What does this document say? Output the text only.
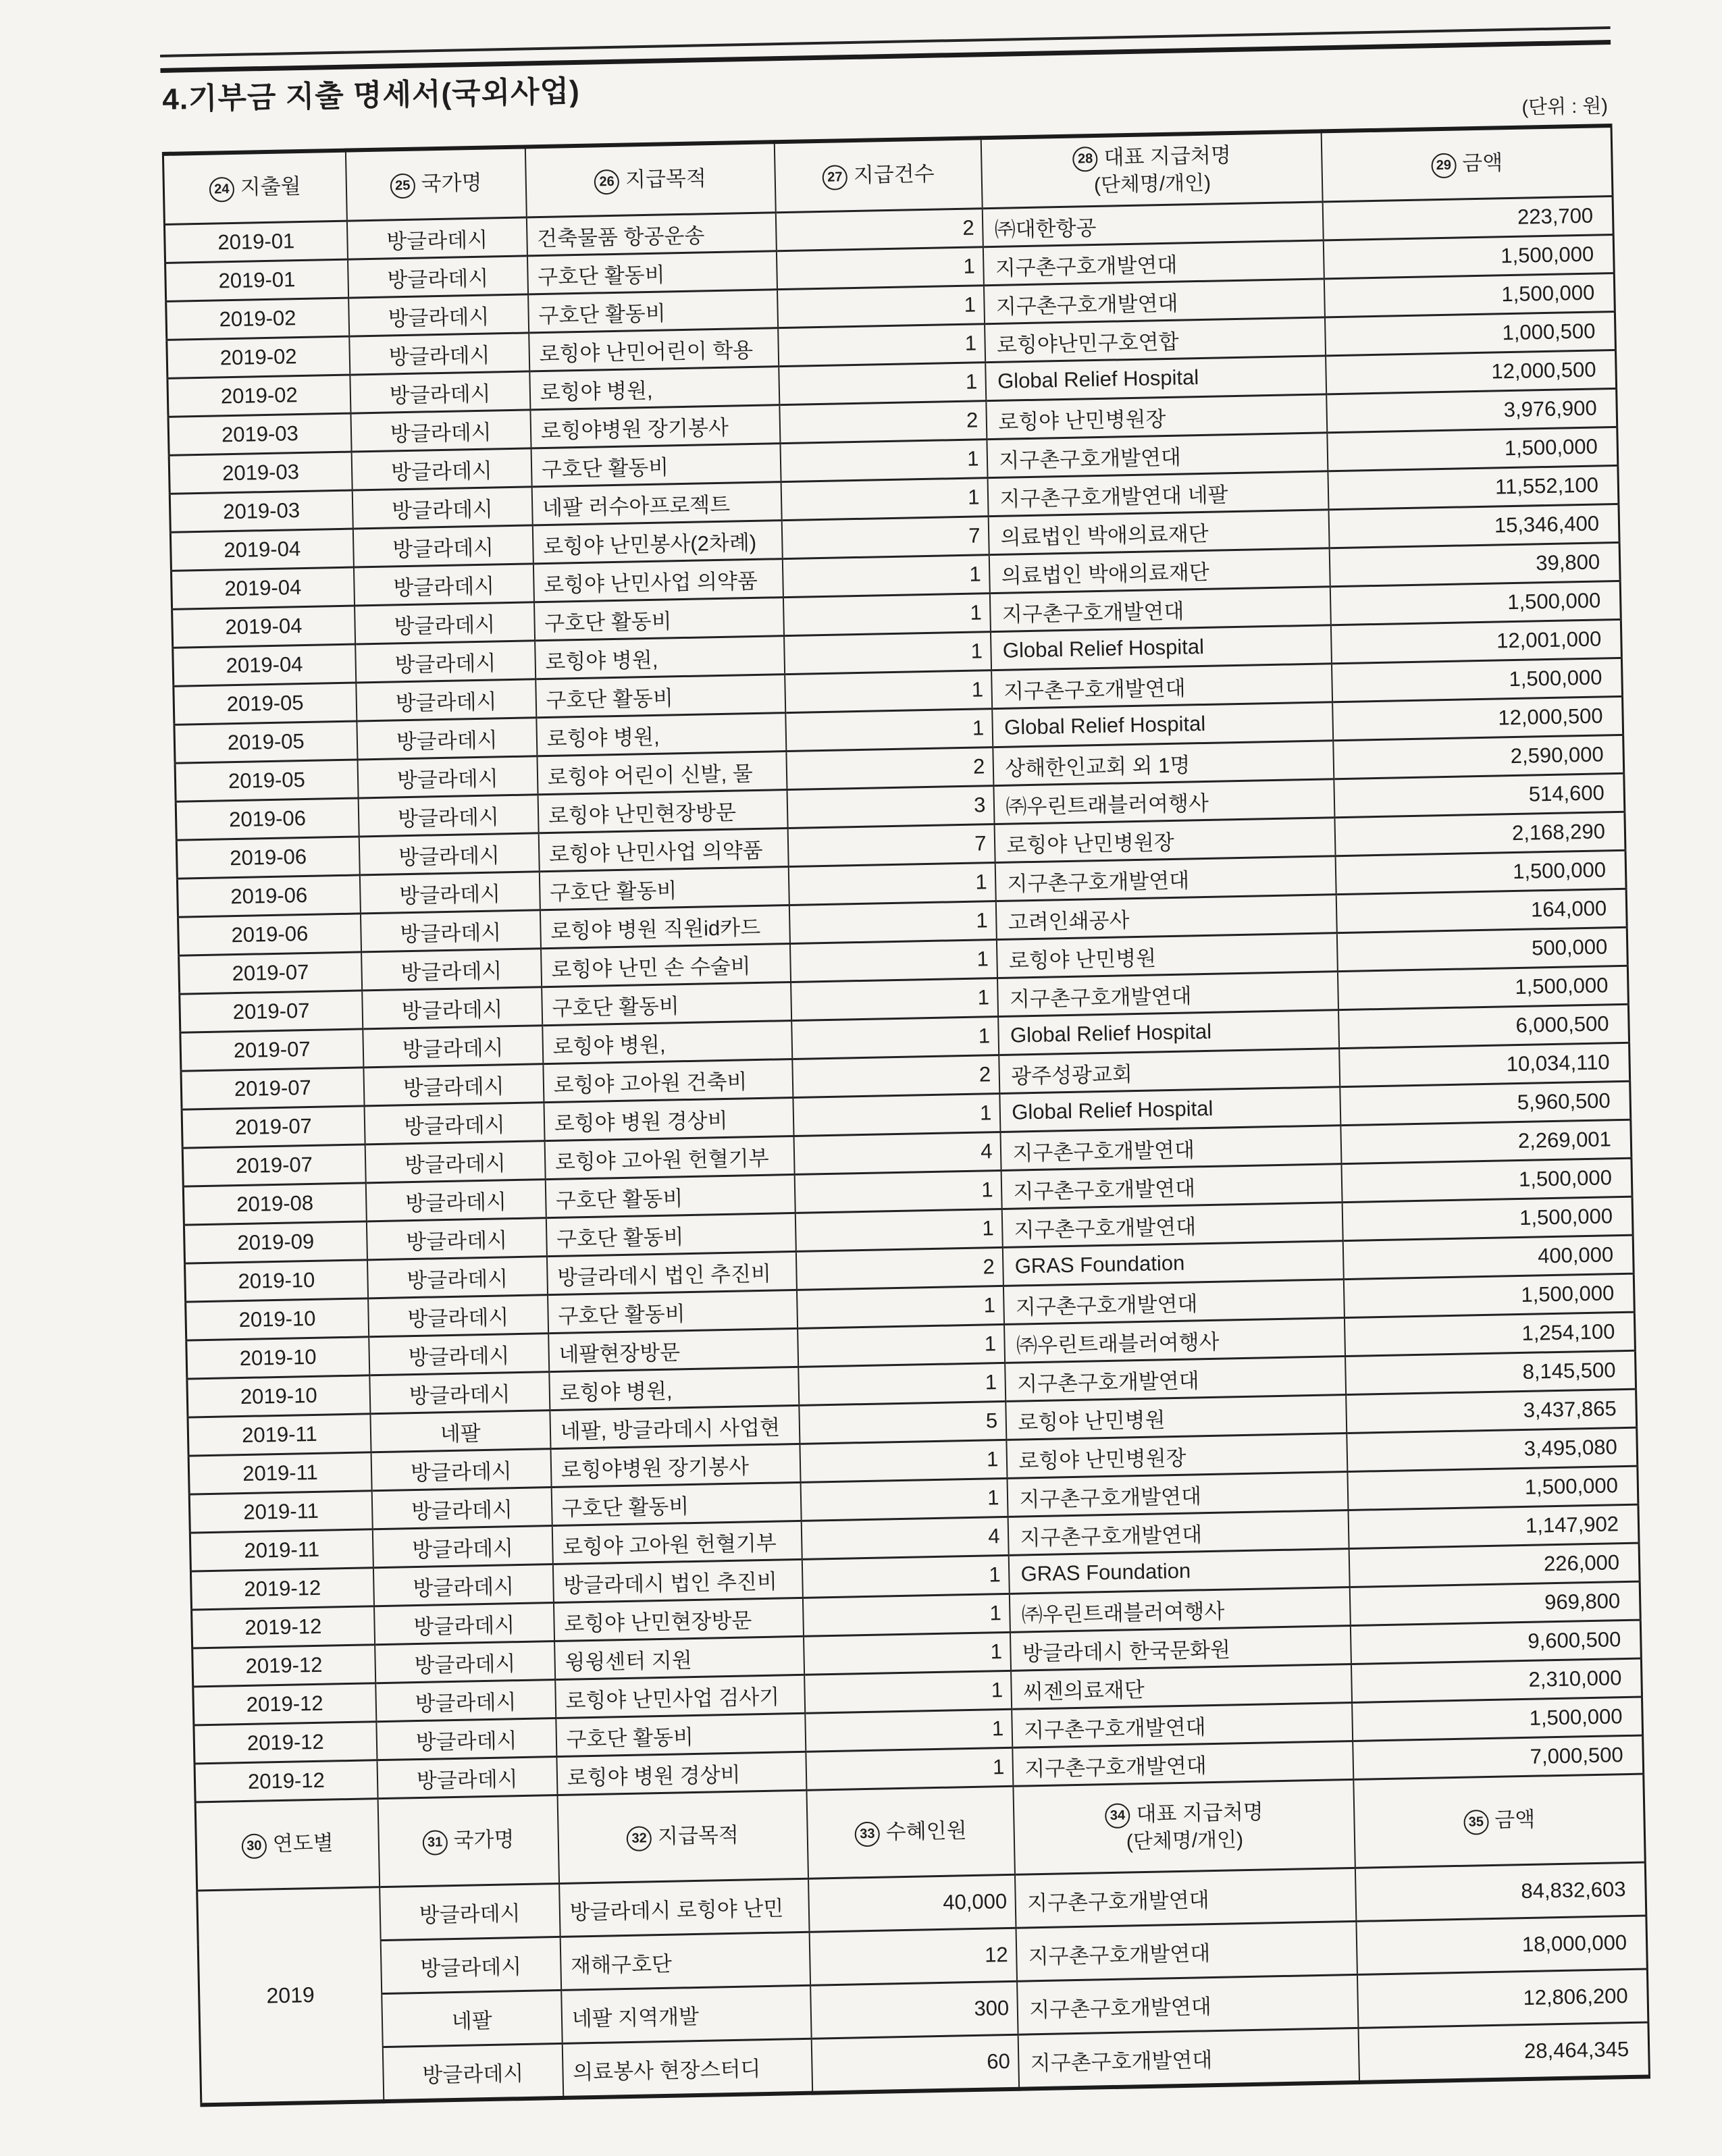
4.기부금 지출 명세서(국외사업)	(단위 : 원)
24 지출월	25 국가명	26 지급목적	27 지급건수	28 대표 지급처명
(단체명/개인)	29 금액
2019-01	방글라데시	건축물품 항공운송	2	㈜대한항공	223,700
2019-01	방글라데시	구호단 활동비	1	지구촌구호개발연대	1,500,000
2019-02	방글라데시	구호단 활동비	1	지구촌구호개발연대	1,500,000
2019-02	방글라데시	로힝야 난민어린이 학용	1	로힝야난민구호연합	1,000,500
2019-02	방글라데시	로힝야 병원,	1	Global Relief Hospital	12,000,500
2019-03	방글라데시	로힝야병원 장기봉사	2	로힝야 난민병원장	3,976,900
2019-03	방글라데시	구호단 활동비	1	지구촌구호개발연대	1,500,000
2019-03	방글라데시	네팔 러수아프로젝트	1	지구촌구호개발연대 네팔	11,552,100
2019-04	방글라데시	로힝야 난민봉사(2차례)	7	의료법인 박애의료재단	15,346,400
2019-04	방글라데시	로힝야 난민사업 의약품	1	의료법인 박애의료재단	39,800
2019-04	방글라데시	구호단 활동비	1	지구촌구호개발연대	1,500,000
2019-04	방글라데시	로힝야 병원,	1	Global Relief Hospital	12,001,000
2019-05	방글라데시	구호단 활동비	1	지구촌구호개발연대	1,500,000
2019-05	방글라데시	로힝야 병원,	1	Global Relief Hospital	12,000,500
2019-05	방글라데시	로힝야 어린이 신발, 물	2	상해한인교회 외 1명	2,590,000
2019-06	방글라데시	로힝야 난민현장방문	3	㈜우린트래블러여행사	514,600
2019-06	방글라데시	로힝야 난민사업 의약품	7	로힝야 난민병원장	2,168,290
2019-06	방글라데시	구호단 활동비	1	지구촌구호개발연대	1,500,000
2019-06	방글라데시	로힝야 병원 직원id카드	1	고려인쇄공사	164,000
2019-07	방글라데시	로힝야 난민 손 수술비	1	로힝야 난민병원	500,000
2019-07	방글라데시	구호단 활동비	1	지구촌구호개발연대	1,500,000
2019-07	방글라데시	로힝야 병원,	1	Global Relief Hospital	6,000,500
2019-07	방글라데시	로힝야 고아원 건축비	2	광주성광교회	10,034,110
2019-07	방글라데시	로힝야 병원 경상비	1	Global Relief Hospital	5,960,500
2019-07	방글라데시	로힝야 고아원 헌혈기부	4	지구촌구호개발연대	2,269,001
2019-08	방글라데시	구호단 활동비	1	지구촌구호개발연대	1,500,000
2019-09	방글라데시	구호단 활동비	1	지구촌구호개발연대	1,500,000
2019-10	방글라데시	방글라데시 법인 추진비	2	GRAS Foundation	400,000
2019-10	방글라데시	구호단 활동비	1	지구촌구호개발연대	1,500,000
2019-10	방글라데시	네팔현장방문	1	㈜우린트래블러여행사	1,254,100
2019-10	방글라데시	로힝야 병원,	1	지구촌구호개발연대	8,145,500
2019-11	네팔	네팔, 방글라데시 사업현	5	로힝야 난민병원	3,437,865
2019-11	방글라데시	로힝야병원 장기봉사	1	로힝야 난민병원장	3,495,080
2019-11	방글라데시	구호단 활동비	1	지구촌구호개발연대	1,500,000
2019-11	방글라데시	로힝야 고아원 헌혈기부	4	지구촌구호개발연대	1,147,902
2019-12	방글라데시	방글라데시 법인 추진비	1	GRAS Foundation	226,000
2019-12	방글라데시	로힝야 난민현장방문	1	㈜우린트래블러여행사	969,800
2019-12	방글라데시	윙윙센터 지원	1	방글라데시 한국문화원	9,600,500
2019-12	방글라데시	로힝야 난민사업 검사기	1	씨젠의료재단	2,310,000
2019-12	방글라데시	구호단 활동비	1	지구촌구호개발연대	1,500,000
2019-12	방글라데시	로힝야 병원 경상비	1	지구촌구호개발연대	7,000,500
30 연도별	31 국가명	32 지급목적	33 수혜인원	34 대표 지급처명
(단체명/개인)	35 금액
2019	방글라데시	방글라데시 로힝야 난민	40,000	지구촌구호개발연대	84,832,603
	방글라데시	재해구호단	12	지구촌구호개발연대	18,000,000
	네팔	네팔 지역개발	300	지구촌구호개발연대	12,806,200
	방글라데시	의료봉사 현장스터디	60	지구촌구호개발연대	28,464,345
